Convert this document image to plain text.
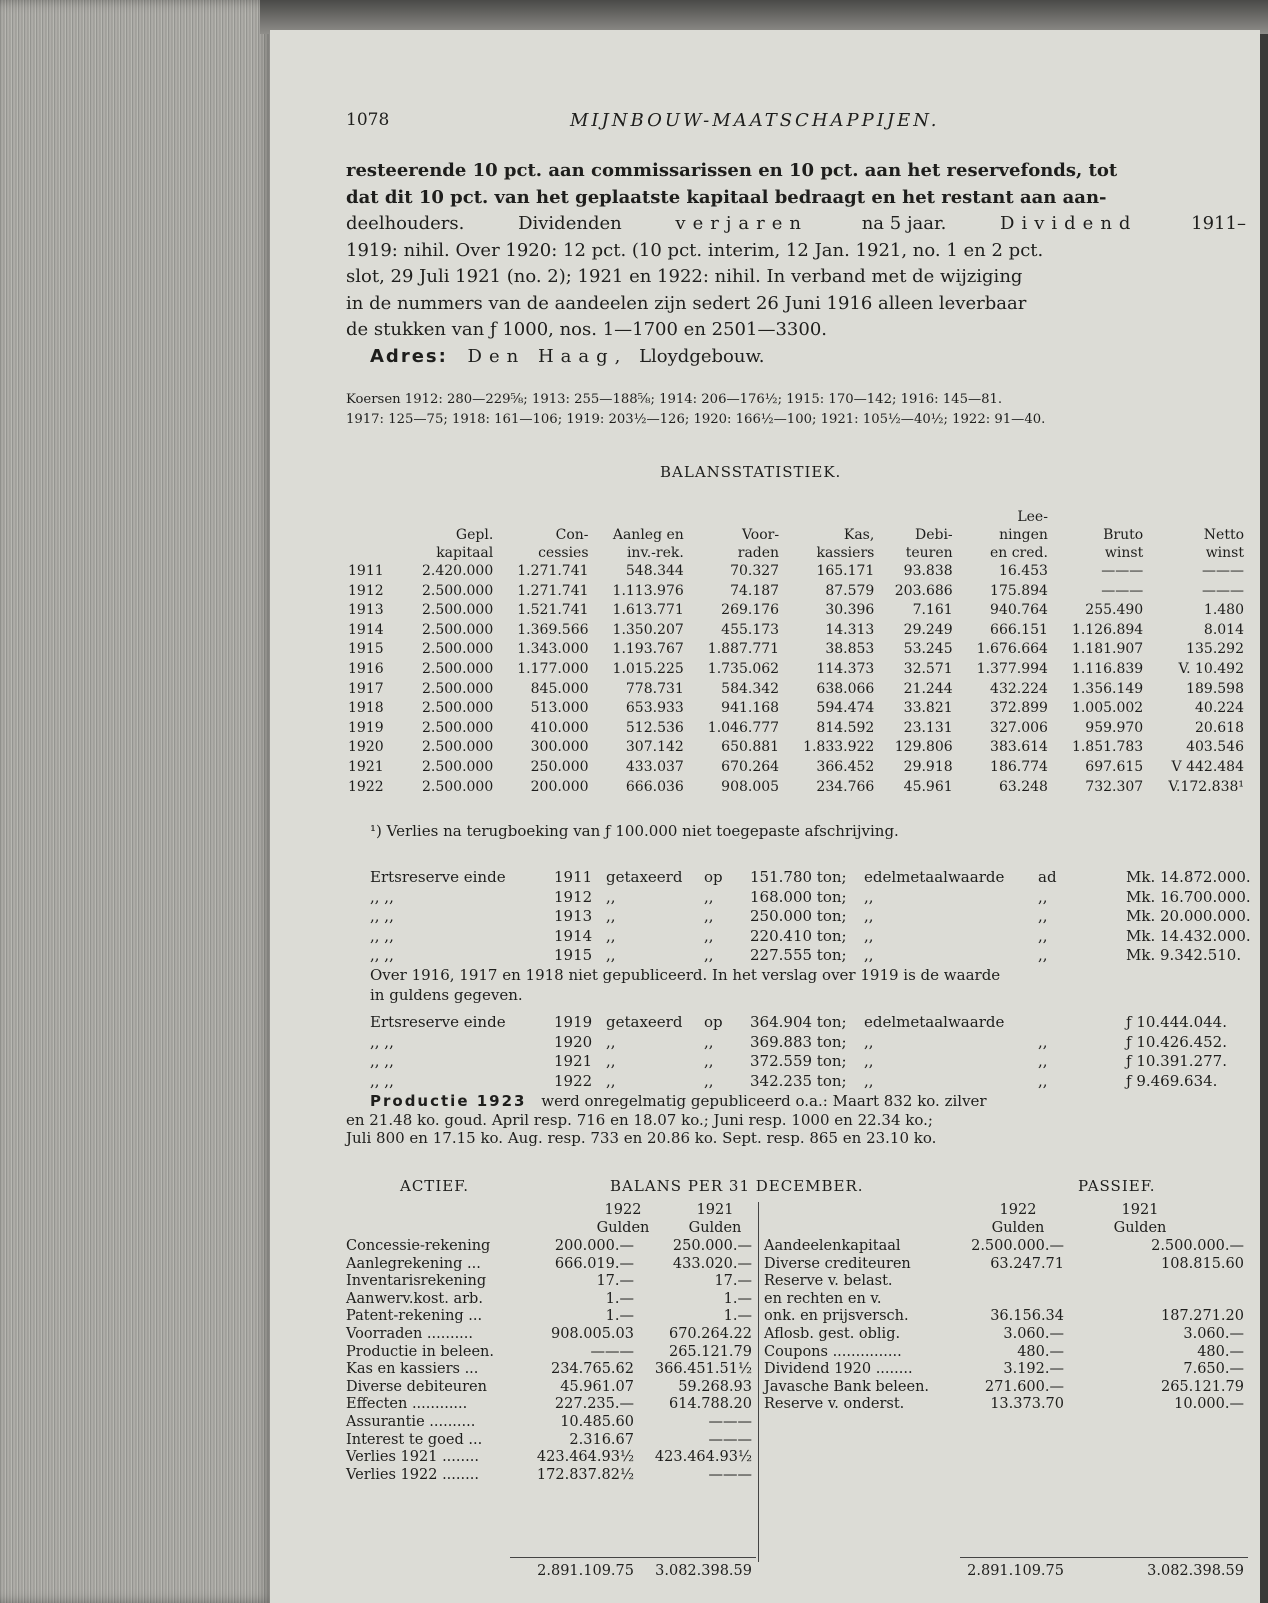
1078	MIJNBOUW-MAATSCHAPPIJEN.
resteerende 10 pct. aan commissarissen en 10 pct. aan het reservefonds, tot
dat dit 10 pct. van het geplaatste kapitaal bedraagt en het restant aan aan-
deelhouders.	Dividenden	verjaren	na 5 jaar.	Dividend	1911–
1919: nihil. Over 1920: 12 pct. (10 pct. interim, 12 Jan. 1921, no. 1 en 2 pct.
slot, 29 Juli 1921 (no. 2); 1921 en 1922: nihil. In verband met de wijziging
in de nummers van de aandeelen zijn sedert 26 Juni 1916 alleen leverbaar
de stukken van ƒ 1000, nos. 1—1700 en 2501—3300.
Adres: Den Haag, Lloydgebouw.
Koersen 1912: 280—229⅝; 1913: 255—188⅝; 1914: 206—176½; 1915: 170—142; 1916: 145—81.
1917: 125—75; 1918: 161—106; 1919: 203½—126; 1920: 166½—100; 1921: 105½—40½; 1922: 91—40.
BALANSSTATISTIEK.
							Lee-		
	Gepl.	Con-	Aanleg en	Voor-	Kas,	Debi-	ningen	Bruto	Netto
	kapitaal	cessies	inv.-rek.	raden	kassiers	teuren	en cred.	winst	winst
1911	2.420.000	1.271.741	548.344	70.327	165.171	93.838	16.453	———	———
1912	2.500.000	1.271.741	1.113.976	74.187	87.579	203.686	175.894	———	———
1913	2.500.000	1.521.741	1.613.771	269.176	30.396	7.161	940.764	255.490	1.480
1914	2.500.000	1.369.566	1.350.207	455.173	14.313	29.249	666.151	1.126.894	8.014
1915	2.500.000	1.343.000	1.193.767	1.887.771	38.853	53.245	1.676.664	1.181.907	135.292
1916	2.500.000	1.177.000	1.015.225	1.735.062	114.373	32.571	1.377.994	1.116.839	V. 10.492
1917	2.500.000	845.000	778.731	584.342	638.066	21.244	432.224	1.356.149	189.598
1918	2.500.000	513.000	653.933	941.168	594.474	33.821	372.899	1.005.002	40.224
1919	2.500.000	410.000	512.536	1.046.777	814.592	23.131	327.006	959.970	20.618
1920	2.500.000	300.000	307.142	650.881	1.833.922	129.806	383.614	1.851.783	403.546
1921	2.500.000	250.000	433.037	670.264	366.452	29.918	186.774	697.615	V 442.484
1922	2.500.000	200.000	666.036	908.005	234.766	45.961	63.248	732.307	V.172.838¹
¹) Verlies na terugboeking van ƒ 100.000 niet toegepaste afschrijving.
Ertsreserve einde	1911 getaxeerd op 151.780 ton; edelmetaalwaarde ad	Mk. 14.872.000.
,, ,,	1912 ,,	,, 168.000 ton; ,,	,,	Mk. 16.700.000.
,, ,,	1913 ,,	,, 250.000 ton; ,,	,,	Mk. 20.000.000.
,, ,,	1914 ,,	,, 220.410 ton; ,,	,,	Mk. 14.432.000.
,, ,,	1915 ,,	,, 227.555 ton; ,,	,,	Mk. 9.342.510.
Over 1916, 1917 en 1918 niet gepubliceerd. In het verslag over 1919 is de waarde
in guldens gegeven.
Ertsreserve einde	1919 getaxeerd op 364.904 ton; edelmetaalwaarde	ƒ 10.444.044.
,, ,,	1920 ,,	,, 369.883 ton; ,,	,,	ƒ 10.426.452.
,, ,,	1921 ,,	,, 372.559 ton; ,,	,,	ƒ 10.391.277.
,, ,,	1922 ,,	,, 342.235 ton; ,,	,,	ƒ 9.469.634.
Productie 1923 werd onregelmatig gepubliceerd o.a.: Maart 832 ko. zilver
en 21.48 ko. goud. April resp. 716 en 18.07 ko.; Juni resp. 1000 en 22.34 ko.;
Juli 800 en 17.15 ko. Aug. resp. 733 en 20.86 ko. Sept. resp. 865 en 23.10 ko.
ACTIEF.	BALANS PER 31 DECEMBER.	PASSIEF.
1922	1921
Gulden	Gulden
1922	1921
Gulden	Gulden
Concessie-rekening	200.000.—	250.000.—
Aanlegrekening ...	666.019.—	433.020.—
Inventarisrekening	17.—	17.—
Aanwerv.kost. arb.	1.—	1.—
Patent-rekening ...	1.—	1.—
Voorraden ..........	908.005.03	670.264.22
Productie in beleen.	———	265.121.79
Kas en kassiers ...	234.765.62	366.451.51½
Diverse debiteuren	45.961.07	59.268.93
Effecten ............	227.235.—	614.788.20
Assurantie ..........	10.485.60	———
Interest te goed ...	2.316.67	———
Verlies 1921 ........	423.464.93½	423.464.93½
Verlies 1922 ........	172.837.82½	———
Aandeelenkapitaal	2.500.000.—	2.500.000.—
Diverse crediteuren	63.247.71	108.815.60
Reserve v. belast.
en rechten en v.
onk. en prijsversch.	36.156.34	187.271.20
Aflosb. gest. oblig.	3.060.—	3.060.—
Coupons ...............	480.—	480.—
Dividend 1920 ........	3.192.—	7.650.—
Javasche Bank beleen.	271.600.—	265.121.79
Reserve v. onderst.	13.373.70	10.000.—
2.891.109.75	3.082.398.59	2.891.109.75	3.082.398.59
